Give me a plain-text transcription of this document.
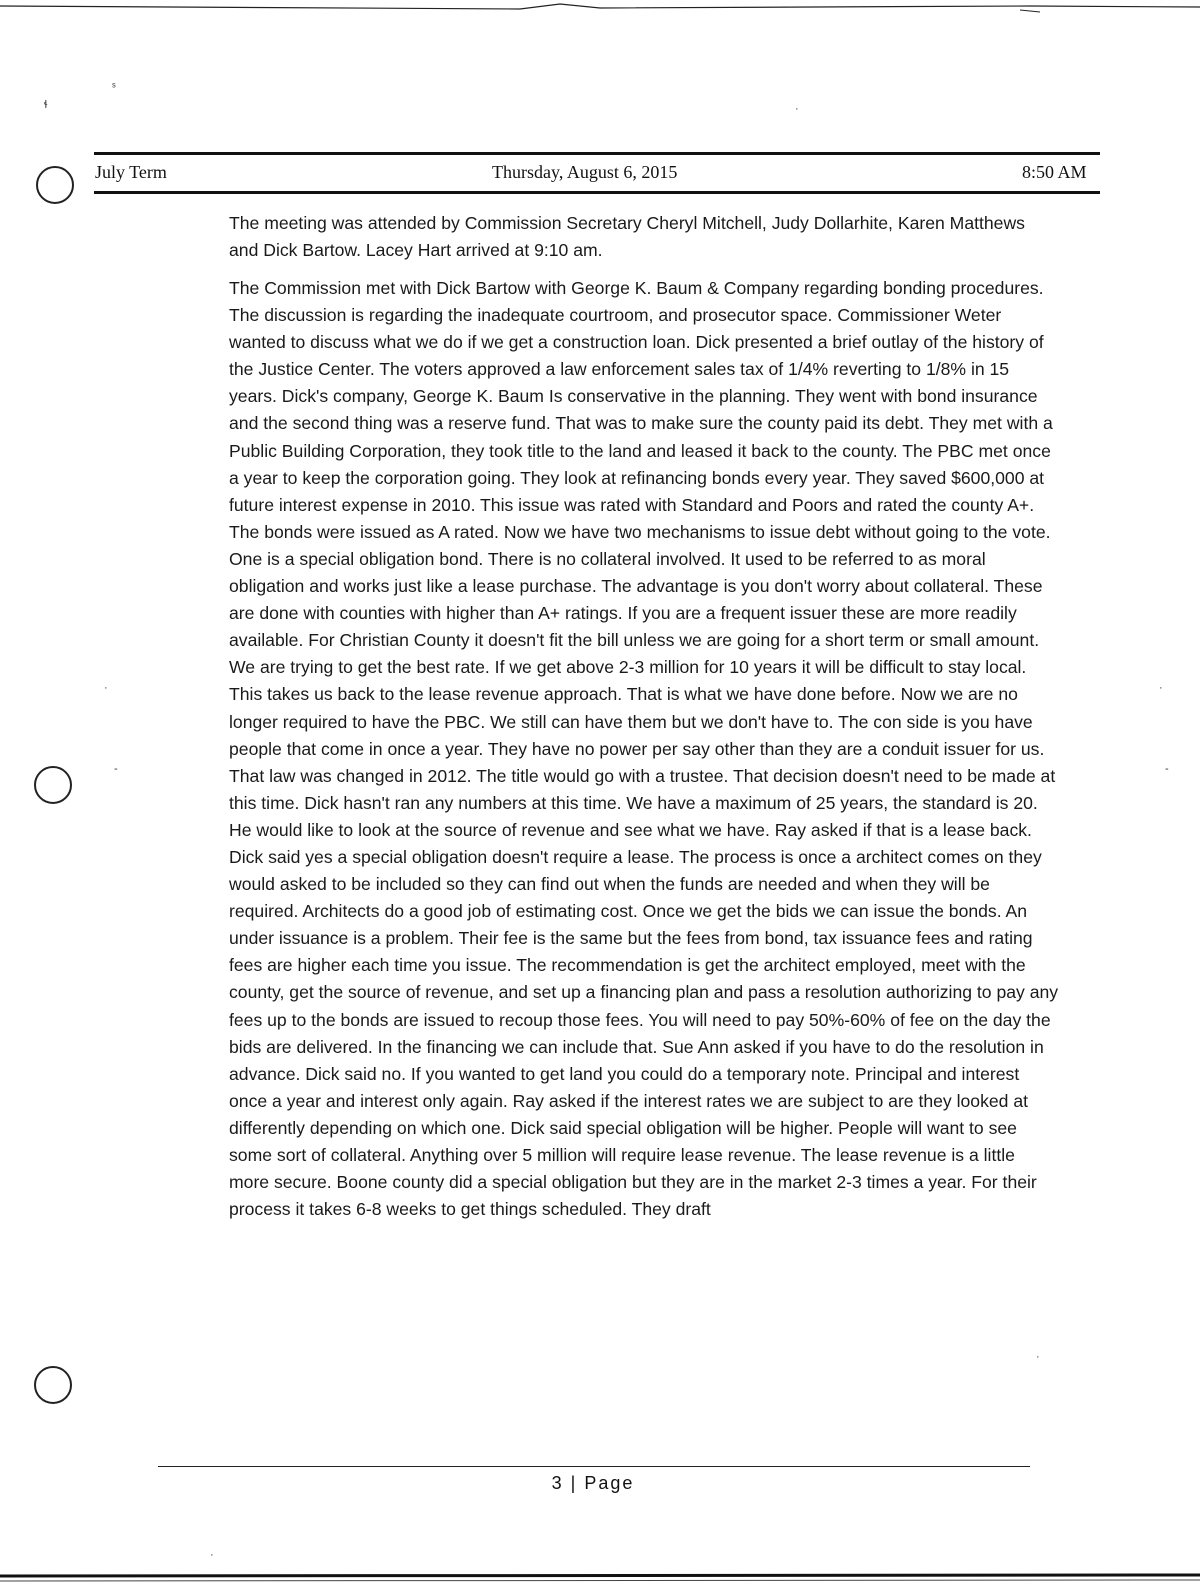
ˢ
ɬ	·
·	·
-	-
·
·
July Term	Thursday, August 6, 2015	8:50 AM

The meeting was attended by Commission Secretary Cheryl Mitchell, Judy Dollarhite, Karen Matthews and Dick Bartow. Lacey Hart arrived at 9:10 am.

The Commission met with Dick Bartow with George K. Baum & Company regarding bonding procedures. The discussion is regarding the inadequate courtroom, and prosecutor space. Commissioner Weter wanted to discuss what we do if we get a construction loan. Dick presented a brief outlay of the history of the Justice Center. The voters approved a law enforcement sales tax of 1/4% reverting to 1/8% in 15 years. Dick's company, George K. Baum Is conservative in the planning. They went with bond insurance and the second thing was a reserve fund. That was to make sure the county paid its debt. They met with a Public Building Corporation, they took title to the land and leased it back to the county. The PBC met once a year to keep the corporation going. They look at refinancing bonds every year. They saved $600,000 at future interest expense in 2010. This issue was rated with Standard and Poors and rated the county A+. The bonds were issued as A rated. Now we have two mechanisms to issue debt without going to the vote. One is a special obligation bond. There is no collateral involved. It used to be referred to as moral obligation and works just like a lease purchase. The advantage is you don't worry about collateral. These are done with counties with higher than A+ ratings. If you are a frequent issuer these are more readily available. For Christian County it doesn't fit the bill unless we are going for a short term or small amount. We are trying to get the best rate. If we get above 2-3 million for 10 years it will be difficult to stay local. This takes us back to the lease revenue approach. That is what we have done before. Now we are no longer required to have the PBC. We still can have them but we don't have to. The con side is you have people that come in once a year. They have no power per say other than they are a conduit issuer for us. That law was changed in 2012. The title would go with a trustee. That decision doesn't need to be made at this time. Dick hasn't ran any numbers at this time. We have a maximum of 25 years, the standard is 20. He would like to look at the source of revenue and see what we have. Ray asked if that is a lease back. Dick said yes a special obligation doesn't require a lease. The process is once a architect comes on they would asked to be included so they can find out when the funds are needed and when they will be required. Architects do a good job of estimating cost. Once we get the bids we can issue the bonds. An under issuance is a problem. Their fee is the same but the fees from bond, tax issuance fees and rating fees are higher each time you issue. The recommendation is get the architect employed, meet with the county, get the source of revenue, and set up a financing plan and pass a resolution authorizing to pay any fees up to the bonds are issued to recoup those fees. You will need to pay 50%-60% of fee on the day the bids are delivered. In the financing we can include that. Sue Ann asked if you have to do the resolution in advance. Dick said no. If you wanted to get land you could do a temporary note. Principal and interest once a year and interest only again. Ray asked if the interest rates we are subject to are they looked at differently depending on which one. Dick said special obligation will be higher. People will want to see some sort of collateral. Anything over 5 million will require lease revenue. The lease revenue is a little more secure. Boone county did a special obligation but they are in the market 2-3 times a year. For their process it takes 6-8 weeks to get things scheduled. They draft

3 | Page
